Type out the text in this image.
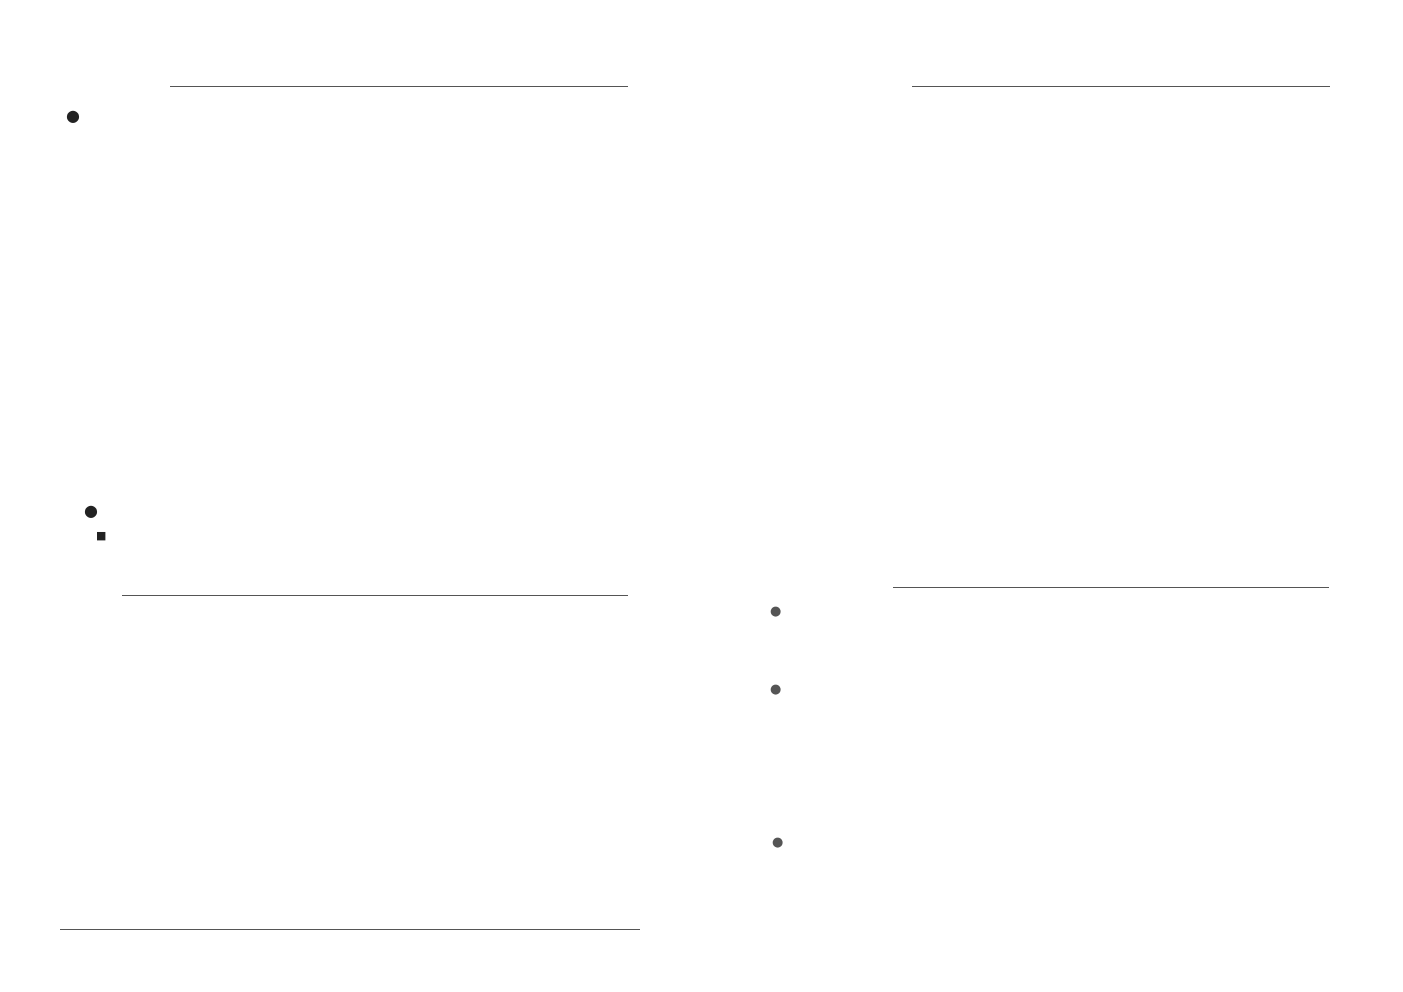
●
●
■
●
●
●
